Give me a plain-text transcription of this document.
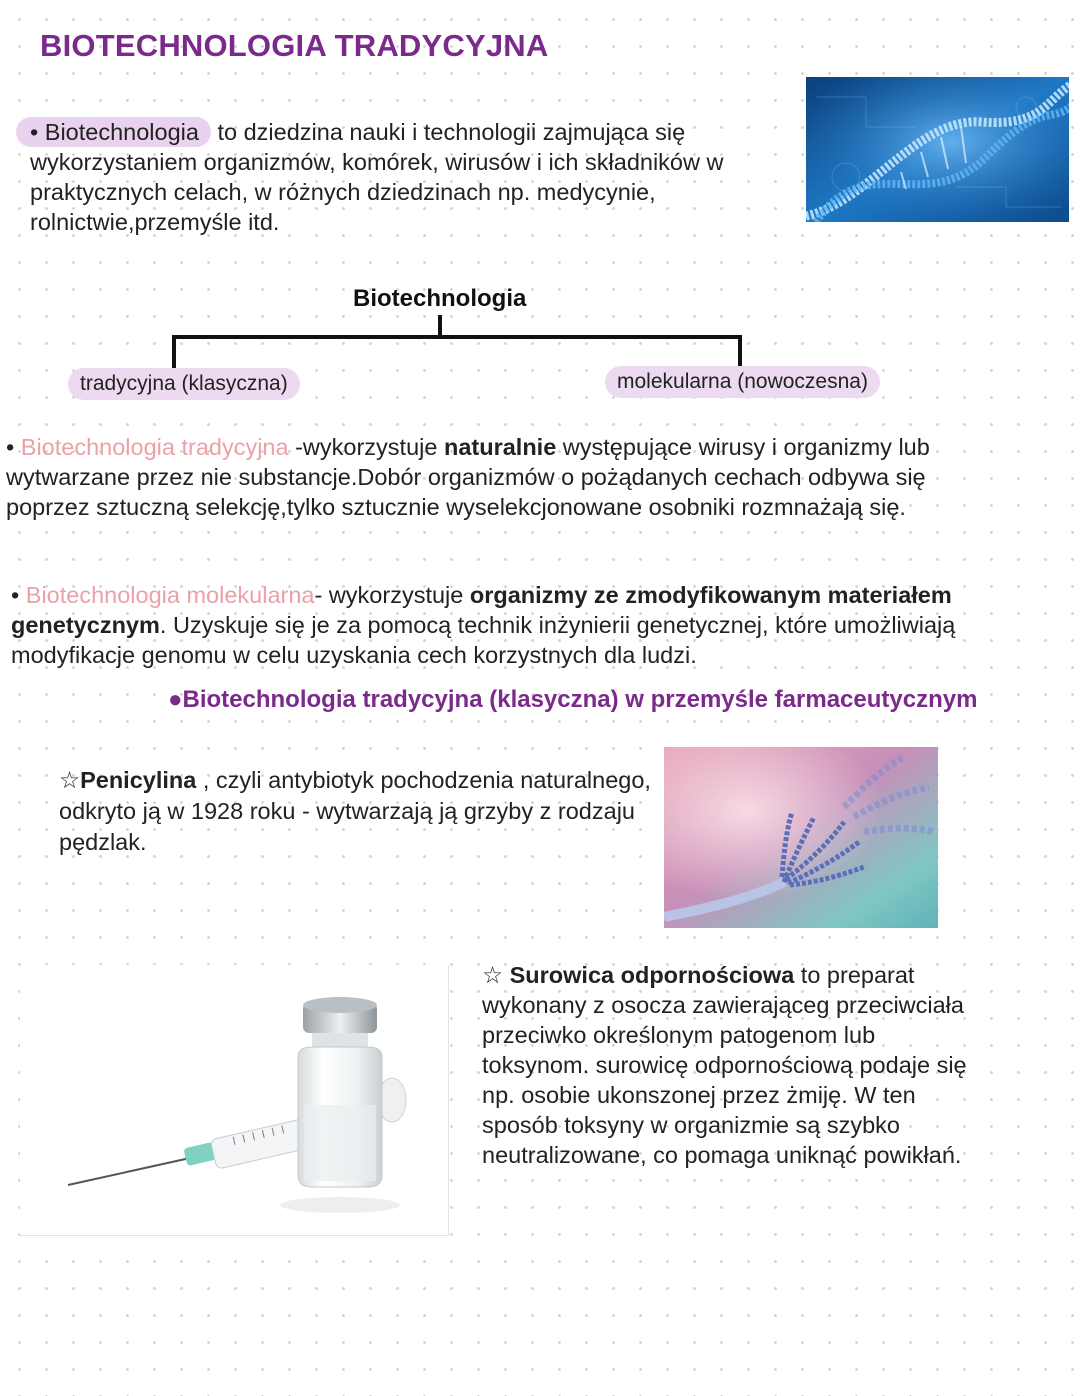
BIOTECHNOLOGIA TRADYCYJNA

• Biotechnologia to dziedzina nauki i technologii zajmująca się wykorzystaniem organizmów, komórek, wirusów i ich składników w praktycznych celach, w różnych dziedzinach np. medycynie, rolnictwie,przemyśle itd.

Biotechnologia
tradycyjna (klasyczna)	molekularna (nowoczesna)

• Biotechnologia tradycyjna -wykorzystuje naturalnie występujące wirusy i organizmy lub wytwarzane przez nie substancje.Dobór organizmów o pożądanych cechach odbywa się poprzez sztuczną selekcję,tylko sztucznie wyselekcjonowane osobniki rozmnażają się.

• Biotechnologia molekularna- wykorzystuje organizmy ze zmodyfikowanym materiałem genetycznym. Uzyskuje się je za pomocą technik inżynierii genetycznej, które umożliwiają modyfikacje genomu w celu uzyskania cech korzystnych dla ludzi.

●Biotechnologia tradycyjna (klasyczna) w przemyśle farmaceutycznym

☆Penicylina , czyli antybiotyk pochodzenia naturalnego, odkryto ją w 1928 roku - wytwarzają ją grzyby z rodzaju pędzlak.

☆ Surowica odpornościowa to preparat wykonany z osocza zawierająceg przeciwciała przeciwko określonym patogenom lub toksynom. surowicę odpornościową podaje się np. osobie ukonszonej przez żmiję. W ten sposób toksyny w organizmie są szybko neutralizowane, co pomaga uniknąć powikłań.
